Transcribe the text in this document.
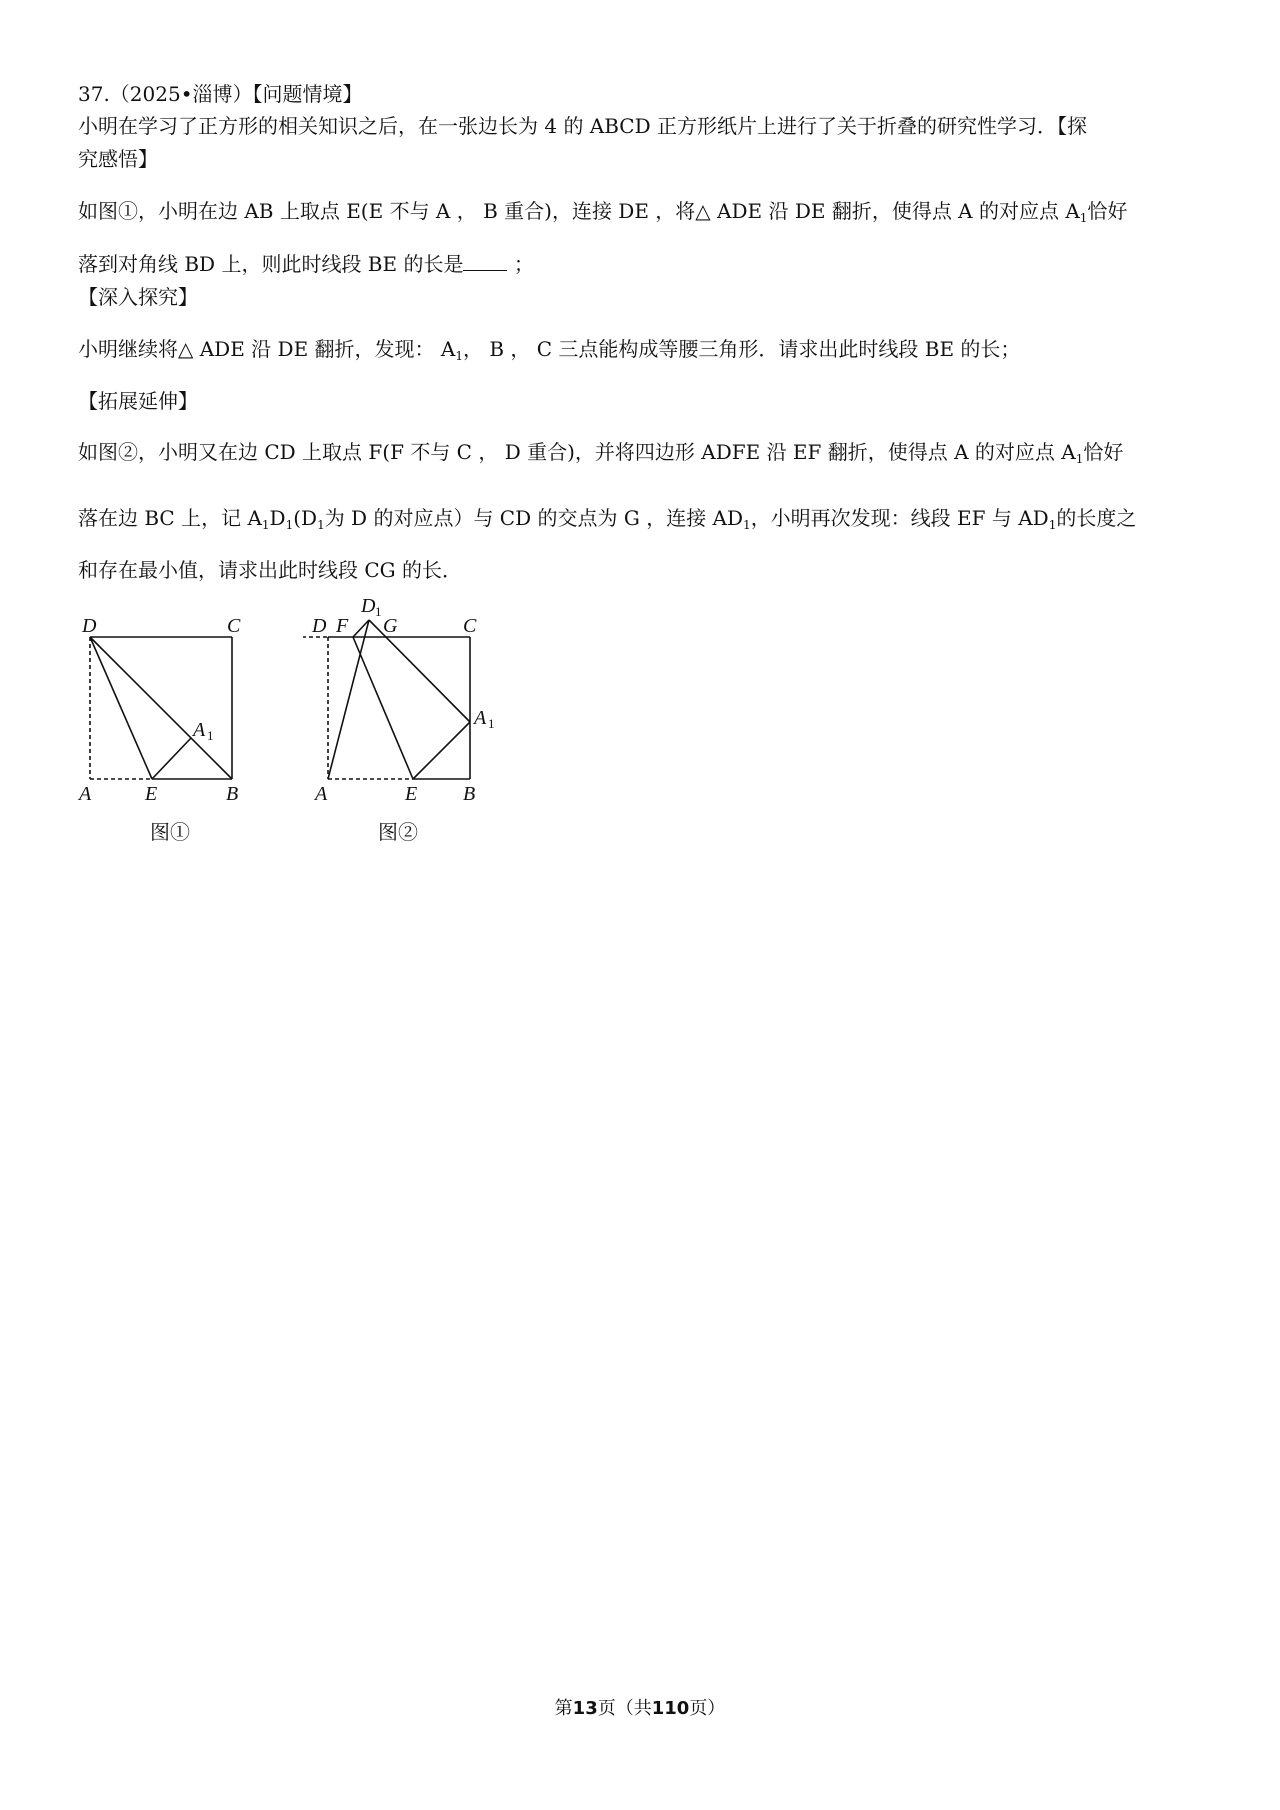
37.（2025•淄博）【问题情境】
小明在学习了正方形的相关知识之后，在一张边长为 4 的 ABCD 正方形纸片上进行了关于折叠的研究性学习．【探
究感悟】
如图①，小明在边 AB 上取点 E(E 不与 A ， B 重合)，连接 DE ，将△ ADE 沿 DE 翻折，使得点 A 的对应点 $A_1$恰好
落到对角线 BD 上，则此时线段 BE 的长是 ；
【深入探究】
小明继续将△ ADE 沿 DE 翻折，发现： $A_1$， B ， C 三点能构成等腰三角形．请求出此时线段 BE 的长；
【拓展延伸】
如图②，小明又在边 CD 上取点 F(F 不与 C ， D 重合)，并将四边形 ADFE 沿 EF 翻折，使得点 A 的对应点 $A_1$恰好
落在边 BC 上，记 $A_1D_1(D_1$为 D 的对应点）与 CD 的交点为 G ，连接 $AD_1$，小明再次发现：线段 EF 与 $AD_1$的长度之
和存在最小值，请求出此时线段 CG 的长．
D	C
A 1
A	E	B
图①
D 1
D F G	C
A 1
A	E B
图②
第13页（共110页）
